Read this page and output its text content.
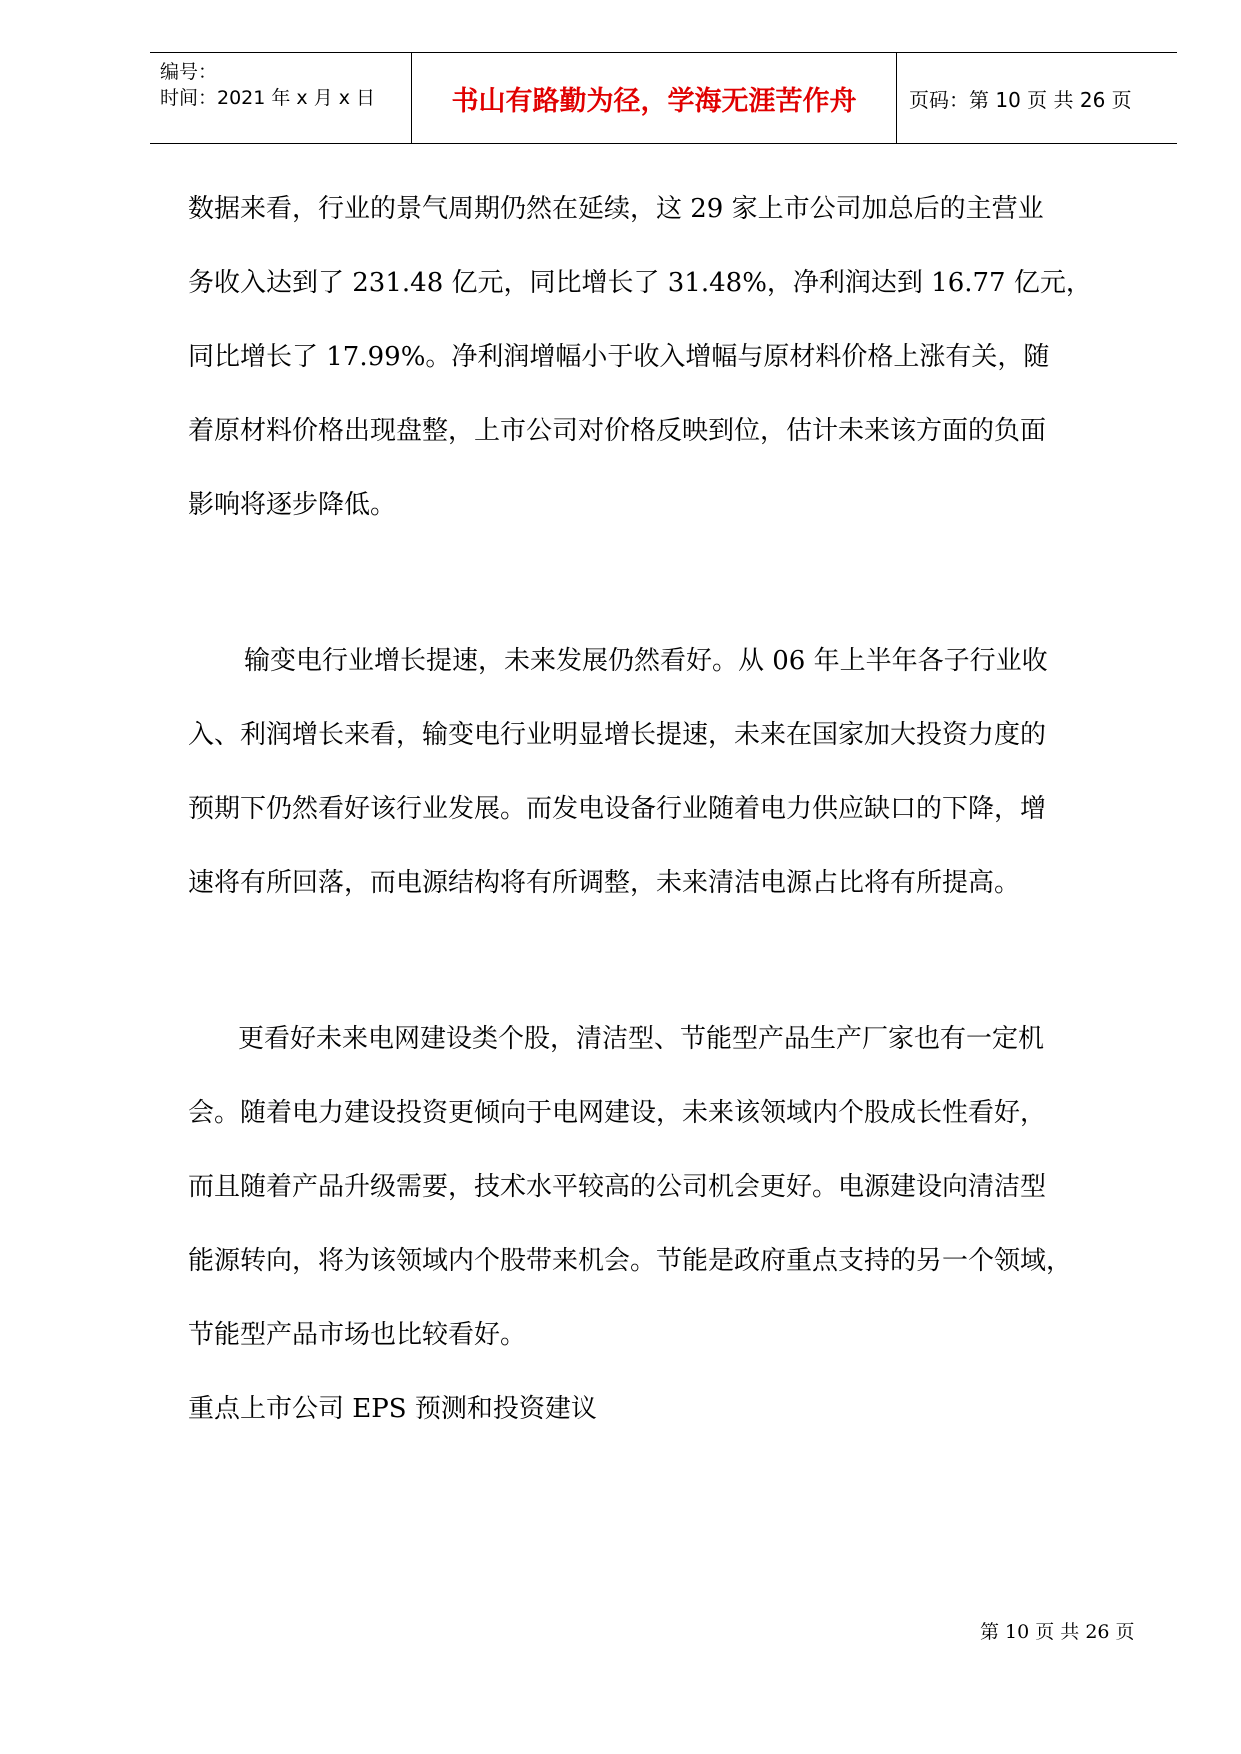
编号：
时间：2021 年 x 月 x 日	书山有路勤为径，学海无涯苦作舟	页码：第 10 页 共 26 页

数据来看，行业的景气周期仍然在延续，这 29 家上市公司加总后的主营业

务收入达到了 231.48 亿元，同比增长了 31.48%，净利润达到 16.77 亿元，

同比增长了 17.99%。净利润增幅小于收入增幅与原材料价格上涨有关，随

着原材料价格出现盘整，上市公司对价格反映到位，估计未来该方面的负面

影响将逐步降低。

输变电行业增长提速，未来发展仍然看好。从 06 年上半年各子行业收

入、利润增长来看，输变电行业明显增长提速，未来在国家加大投资力度的

预期下仍然看好该行业发展。而发电设备行业随着电力供应缺口的下降，增

速将有所回落，而电源结构将有所调整，未来清洁电源占比将有所提高。

更看好未来电网建设类个股，清洁型、节能型产品生产厂家也有一定机

会。随着电力建设投资更倾向于电网建设，未来该领域内个股成长性看好，

而且随着产品升级需要，技术水平较高的公司机会更好。电源建设向清洁型

能源转向，将为该领域内个股带来机会。节能是政府重点支持的另一个领域，

节能型产品市场也比较看好。

重点上市公司 EPS 预测和投资建议

第 10 页 共 26 页
